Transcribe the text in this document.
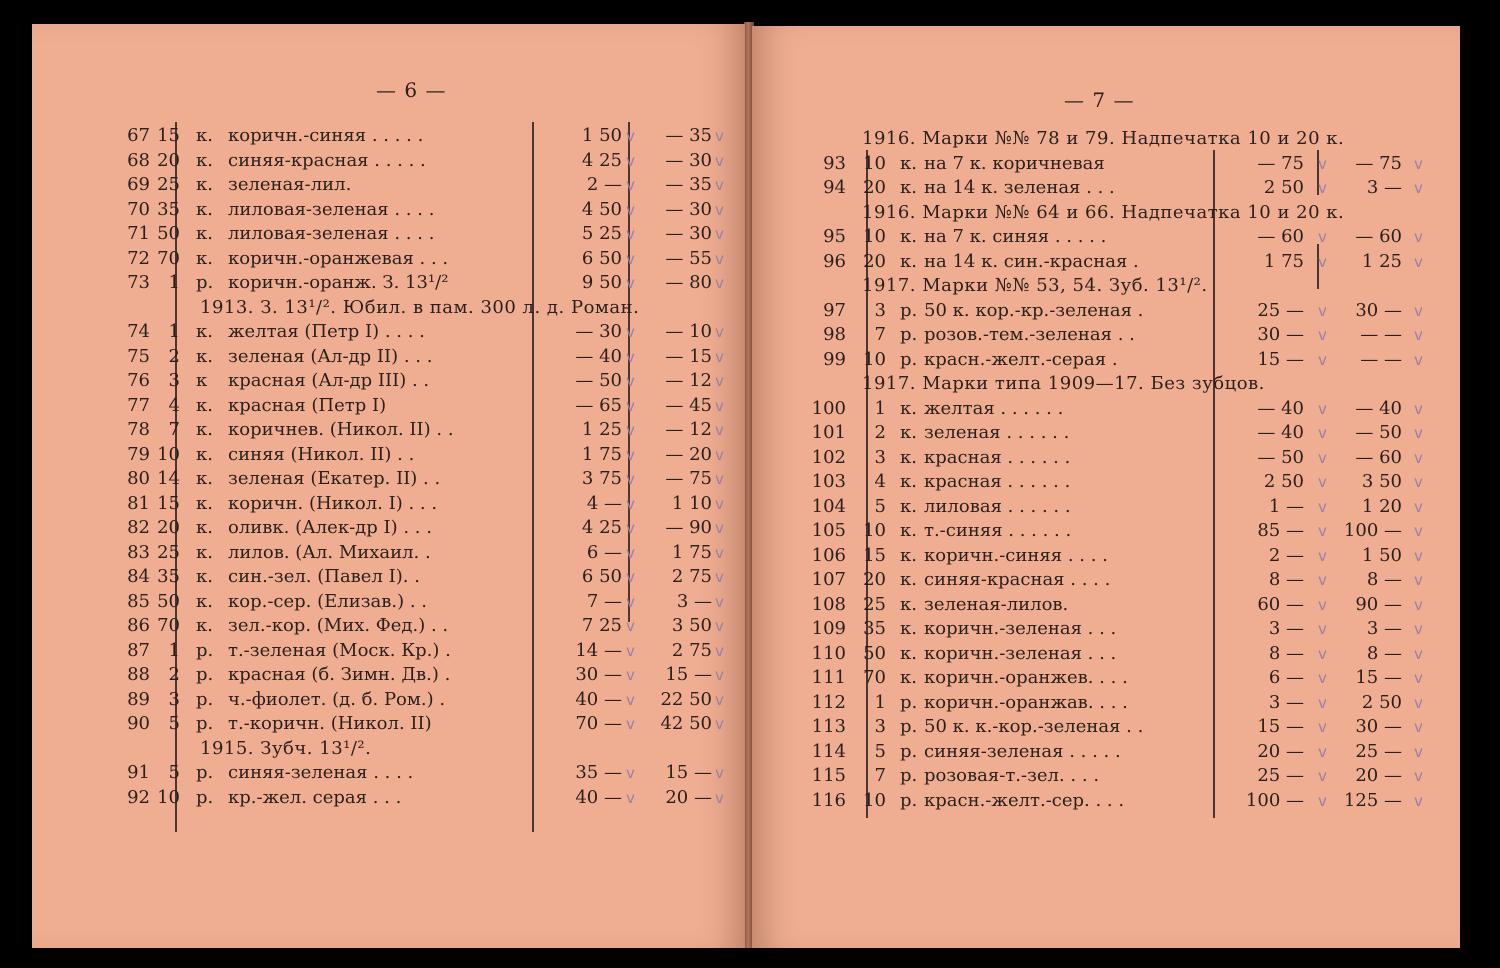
— 6 —
67 15 к. коричн.-синяя . . . . .	1 50	— 35
v	v
68 20 к. синяя-красная . . . . .	4 25	— 30
v	v
69 25 к. зеленая-лил.	2 —	— 35
v	v
70 35 к. лиловая-зеленая . . . .	4 50	— 30
v	v
71 50 к. лиловая-зеленая . . . .	5 25	— 30
v	v
72 70 к. коричн.-оранжевая . . .	6 50	— 55
v	v
73	1 р. коричн.-оранж. З. 13¹/²	9 50	— 80
v	v
1913. З. 13¹/². Юбил. в пам. 300 л. д. Роман.
74	1 к. желтая (Петр I) . . . .	— 30	— 10
v	v
75	2 к. зеленая (Ал-др II) . . .	— 40	— 15
v	v
76	3 к	красная (Ал-др III) . .	— 50	— 12
v	v
77	4 к. красная (Петр I)	— 65	— 45
v	v
78	7 к. коричнев. (Никол. II) . .	1 25	— 12
v	v
79 10 к. синяя (Никол. II) . .	1 75	— 20
v	v
80 14 к. зеленая (Екатер. II) . .	3 75	— 75
v	v
81 15 к. коричн. (Никол. I) . . .	4 —	1 10
v	v
82 20 к. оливк. (Алек-др I) . . .	4 25	— 90
v	v
83 25 к. лилов. (Ал. Михаил. .	6 —	1 75
v	v
84 35 к. син.-зел. (Павел I). .	6 50	2 75
v	v
85 50 к. кор.-сер. (Елизав.) . .	7 —	3 —
v	v
86 70 к. зел.-кор. (Мих. Фед.) . .	7 25	3 50
v	v
87	1 р. т.-зеленая (Моск. Кр.) .	14 —	2 75
v	v
88	2 р. красная (б. Зимн. Дв.) .	30 —	15 —
v	v
89	3 р. ч.-фиолет. (д. б. Ром.) .	40 —	22 50
v	v
90	5 р. т.-коричн. (Никол. II)	70 —	42 50
v	v
1915. Зубч. 13¹/².
91	5 р. синяя-зеленая . . . .	35 —	15 —
v	v
92 10 р. кр.-жел. серая . . .	40 —	20 —
v	v
— 7 —
1916. Марки №№ 78 и 79. Надпечатка 10 и 20 к.
93 10 к. на 7 к. коричневая	— 75	— 75
v	v
94 20 к. на 14 к. зеленая . . .	2 50	3 —
v	v
1916. Марки №№ 64 и 66. Надпечатка 10 и 20 к.
95 10 к. на 7 к. синяя . . . . .	— 60	— 60
v	v
96 20 к. на 14 к. син.-красная .	1 75	1 25
v	v
1917. Марки №№ 53, 54. Зуб. 13¹/².
97	3 р. 50 к. кор.-кр.-зеленая .	25 —	30 —
v	v
98	7 р. розов.-тем.-зеленая . .	30 —	— —
v	v
99 10 р. красн.-желт.-серая .	15 —	— —
v	v
1917. Марки типа 1909—17. Без зубцов.
100	1 к. желтая . . . . . .	— 40	— 40
v	v
101	2 к. зеленая . . . . . .	— 40	— 50
v	v
102	3 к. красная . . . . . .	— 50	— 60
v	v
103	4 к. красная . . . . . .	2 50	3 50
v	v
104	5 к. лиловая . . . . . .	1 —	1 20
v	v
105 10 к. т.-синяя . . . . . .	85 —	100 —
v	v
106 15 к. коричн.-синяя . . . .	2 —	1 50
v	v
107 20 к. синяя-красная . . . .	8 —	8 —
v	v
108 25 к. зеленая-лилов.	60 —	90 —
v	v
109 35 к. коричн.-зеленая . . .	3 —	3 —
v	v
110 50 к. коричн.-зеленая . . .	8 —	8 —
v	v
111 70 к. коричн.-оранжев. . . .	6 —	15 —
v	v
112	1 р. коричн.-оранжав. . . .	3 —	2 50
v	v
113	3 р. 50 к. к.-кор.-зеленая . .	15 —	30 —
v	v
114	5 р. синяя-зеленая . . . . .	20 —	25 —
v	v
115	7 р. розовая-т.-зел. . . .	25 —	20 —
v	v
116 10 р. красн.-желт.-сер. . . .	100 —	125 —
v	v
